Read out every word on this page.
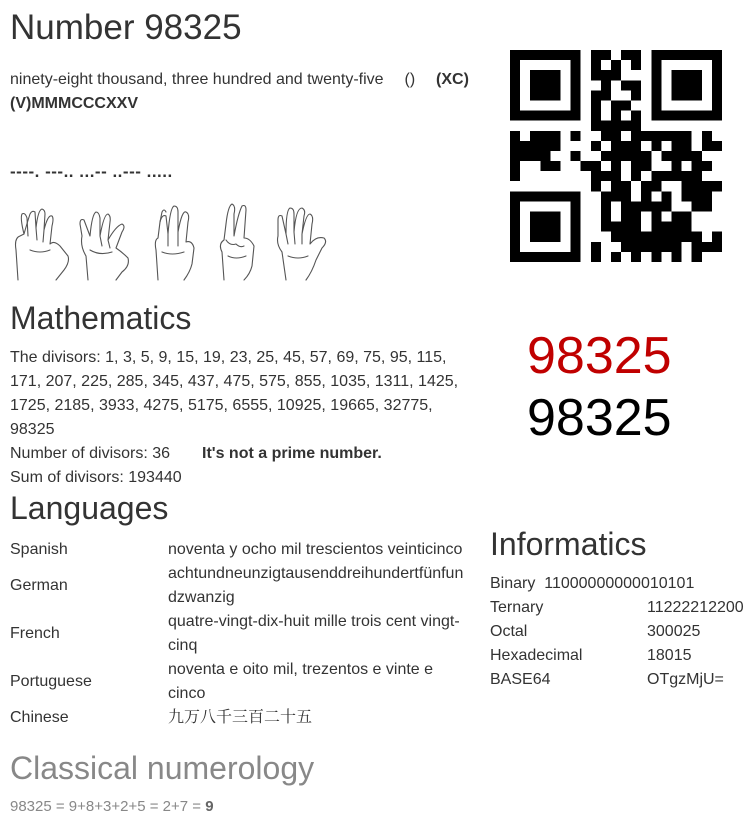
Number 98325
ninety-eight thousand, three hundred and twenty-five () (XC)
(V)MMMCCCXXV
----. ---.. ...-- ..--- .....
Mathematics
98325
98325
The divisors: 1, 3, 5, 9, 15, 19, 23, 25, 45, 57, 69, 75, 95, 115, 171, 207, 225, 285, 345, 437, 475, 575, 855, 1035, 1311, 1425, 1725, 2185, 3933, 4275, 5175, 6555, 10925, 19665, 32775, 98325
Number of divisors: 36 It's not a prime number.
Sum of divisors: 193440
Languages
Spanish	noventa y ocho mil trescientos veinticinco
German	achtundneunzigtausenddreihundertfünfun
dzwanzig
French	quatre-vingt-dix-huit mille trois cent vingt-cinq
Portuguese	noventa e oito mil, trezentos e vinte e cinco
Chinese	九万八千三百二十五
Informatics
Binary 11000000000010101	
Ternary	11222212200
Octal	300025
Hexadecimal	18015
BASE64	OTgzMjU=
Classical numerology
98325 = 9+8+3+2+5 = 2+7 = 9
